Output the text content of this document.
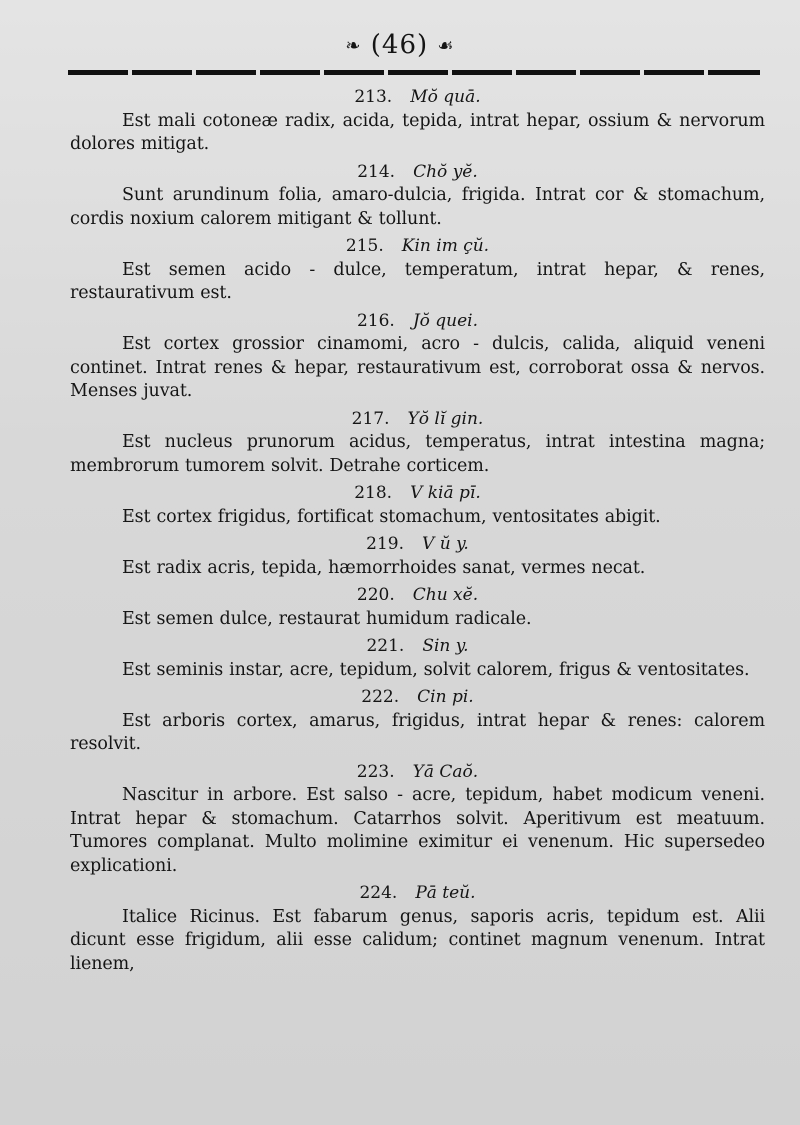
❧ (46) ☙
213. Mŏ quā.

Est mali cotoneæ radix, acida, tepida, intrat hepar, ossium & nervorum dolores mitigat.

214. Chŏ yĕ.

Sunt arundinum folia, amaro-dulcia, frigida. Intrat cor & stomachum, cordis noxium calorem mitigant & tollunt.

215. Kin im çŭ.

Est semen acido - dulce, temperatum, intrat hepar, & renes, restaurativum est.

216. Jŏ quei.

Est cortex grossior cinamomi, acro - dulcis, calida, aliquid veneni continet. Intrat renes & hepar, restaurativum est, corroborat ossa & nervos. Menses juvat.

217. Yŏ lĭ gin.

Est nucleus prunorum acidus, temperatus, intrat intestina magna; membrorum tumorem solvit. Detrahe corticem.

218. V kiā pī.

Est cortex frigidus, fortificat stomachum, ventositates abigit.

219. V ŭ y.

Est radix acris, tepida, hæmorrhoides sanat, vermes necat.

220. Chu xĕ.

Est semen dulce, restaurat humidum radicale.

221. Sin y.

Est seminis instar, acre, tepidum, solvit calorem, frigus & ventositates.

222. Cin pi.

Est arboris cortex, amarus, frigidus, intrat hepar & renes: calorem resolvit.

223. Yā Caŏ.

Nascitur in arbore. Est salso - acre, tepidum, habet modicum veneni. Intrat hepar & stomachum. Catarrhos solvit. Aperitivum est meatuum. Tumores complanat. Multo molimine eximitur ei venenum. Hic supersedeo explicationi.

224. Pā teŭ.

Italice Ricinus. Est fabarum genus, saporis acris, tepidum est. Alii dicunt esse frigidum, alii esse calidum; continet magnum venenum. Intrat lienem,
